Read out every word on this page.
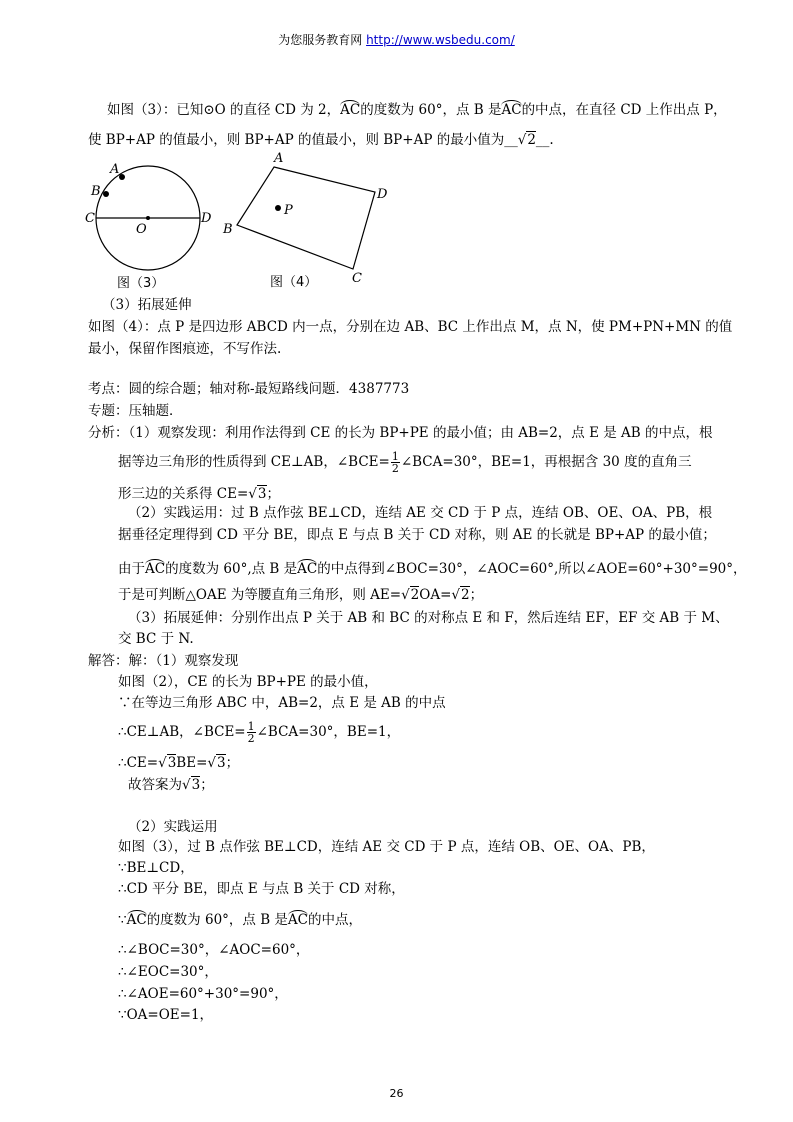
为您服务教育网 http://www.wsbedu.com/
如图（3）：已知⊙O 的直径 CD 为 2，AC的度数为 60°，点 B 是AC的中点，在直径 CD 上作出点 P，
使 BP+AP 的值最小，则 BP+AP 的值最小，则 BP+AP 的最小值为__√2__.
A
B
C	D
O
图（3）
A
B
C
D
P
图（4）
（3）拓展延伸
如图（4）：点 P 是四边形 ABCD 内一点，分别在边 AB、BC 上作出点 M，点 N，使 PM+PN+MN 的值
最小，保留作图痕迹，不写作法.
考点：圆的综合题；轴对称-最短路线问题．4387773
专题：压轴题．
分析：（1）观察发现：利用作法得到 CE 的长为 BP+PE 的最小值；由 AB=2，点 E 是 AB 的中点，根
据等边三角形的性质得到 CE⊥AB，∠BCE= $\frac{1}{2}$ ∠BCA=30°，BE=1，再根据含 30 度的直角三
形三边的关系得 CE=√3；
（2）实践运用：过 B 点作弦 BE⊥CD，连结 AE 交 CD 于 P 点，连结 OB、OE、OA、PB，根
据垂径定理得到 CD 平分 BE，即点 E 与点 B 关于 CD 对称，则 AE 的长就是 BP+AP 的最小值；
由于AC的度数为 60°,点 B 是AC的中点得到∠BOC=30°，∠AOC=60°,所以∠AOE=60°+30°=90°，
于是可判断△OAE 为等腰直角三角形，则 AE=√2OA=√2；
（3）拓展延伸：分别作出点 P 关于 AB 和 BC 的对称点 E 和 F，然后连结 EF，EF 交 AB 于 M、
交 BC 于 N.
解答：解：（1）观察发现
如图（2），CE 的长为 BP+PE 的最小值，
∵在等边三角形 ABC 中，AB=2，点 E 是 AB 的中点
∴CE⊥AB，∠BCE= $\frac{1}{2}$ ∠BCA=30°，BE=1，
∴CE=√3BE=√3；
故答案为√3；
（2）实践运用
如图（3），过 B 点作弦 BE⊥CD，连结 AE 交 CD 于 P 点，连结 OB、OE、OA、PB，
∵BE⊥CD，
∴CD 平分 BE，即点 E 与点 B 关于 CD 对称，
∵AC的度数为 60°，点 B 是AC的中点，
∴∠BOC=30°，∠AOC=60°，
∴∠EOC=30°，
∴∠AOE=60°+30°=90°，
∵OA=OE=1，
26
